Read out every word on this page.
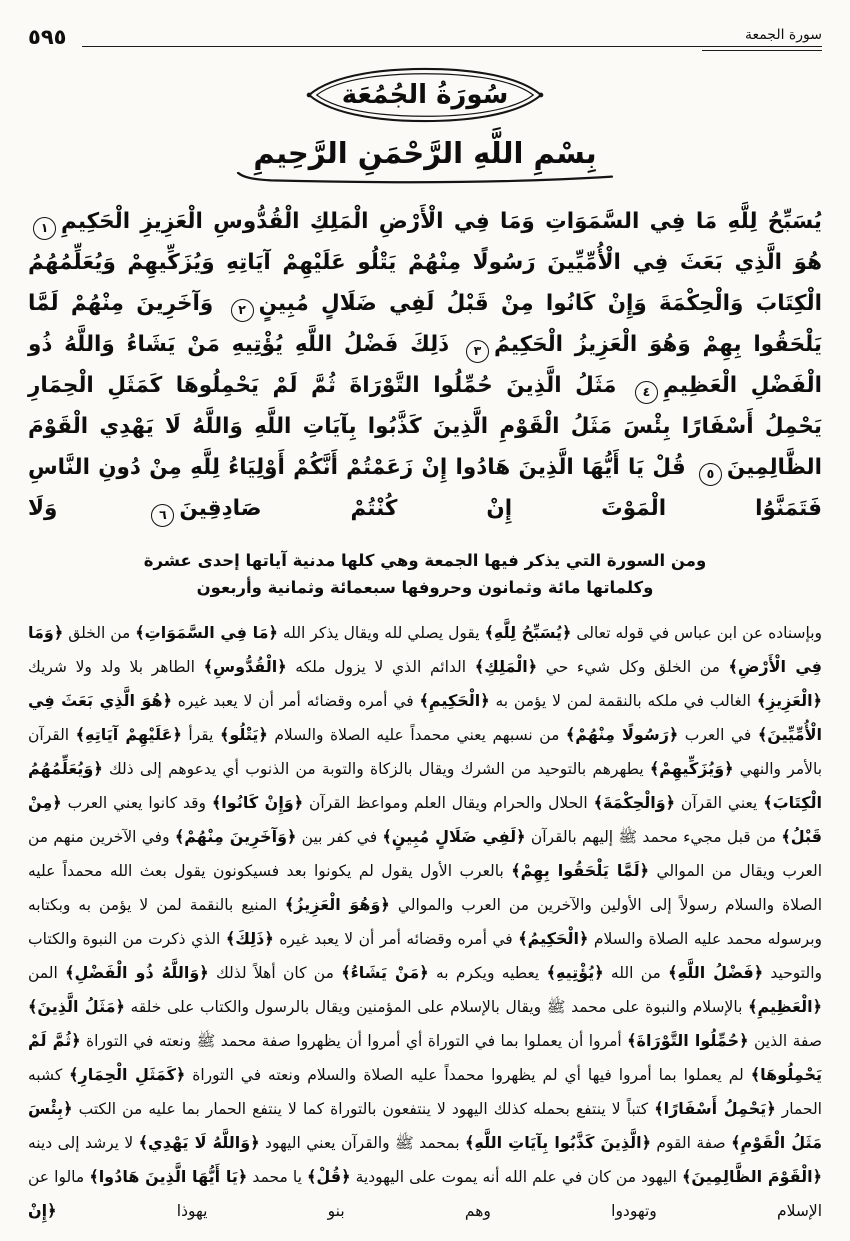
٥٩٥	سورة الجمعة
سُورَةُ الجُمُعَة
بِسْمِ اللَّهِ الرَّحْمَنِ الرَّحِيمِ
يُسَبِّحُ لِلَّهِ مَا فِي السَّمَوَاتِ وَمَا فِي الْأَرْضِ الْمَلِكِ الْقُدُّوسِ الْعَزِيزِ الْحَكِيمِ١ هُوَ الَّذِي بَعَثَ فِي الْأُمِّيِّينَ رَسُولًا مِنْهُمْ يَتْلُو عَلَيْهِمْ آيَاتِهِ وَيُزَكِّيهِمْ وَيُعَلِّمُهُمُ الْكِتَابَ وَالْحِكْمَةَ وَإِنْ كَانُوا مِنْ قَبْلُ لَفِي ضَلَالٍ مُبِينٍ٢ وَآخَرِينَ مِنْهُمْ لَمَّا يَلْحَقُوا بِهِمْ وَهُوَ الْعَزِيزُ الْحَكِيمُ٣ ذَلِكَ فَضْلُ اللَّهِ يُؤْتِيهِ مَنْ يَشَاءُ وَاللَّهُ ذُو الْفَضْلِ الْعَظِيمِ٤ مَثَلُ الَّذِينَ حُمِّلُوا التَّوْرَاةَ ثُمَّ لَمْ يَحْمِلُوهَا كَمَثَلِ الْحِمَارِ يَحْمِلُ أَسْفَارًا بِئْسَ مَثَلُ الْقَوْمِ الَّذِينَ كَذَّبُوا بِآيَاتِ اللَّهِ وَاللَّهُ لَا يَهْدِي الْقَوْمَ الظَّالِمِينَ٥ قُلْ يَا أَيُّهَا الَّذِينَ هَادُوا إِنْ زَعَمْتُمْ أَنَّكُمْ أَوْلِيَاءُ لِلَّهِ مِنْ دُونِ النَّاسِ فَتَمَنَّوُا الْمَوْتَ إِنْ كُنْتُمْ صَادِقِينَ٦ وَلَا

ومن السورة التي يذكر فيها الجمعة وهي كلها مدنية آياتها إحدى عشرة وكلماتها مائة وثمانون وحروفها سبعمائة وثمانية وأربعون

وبإسناده عن ابن عباس في قوله تعالى ﴿يُسَبِّحُ لِلَّهِ﴾ يقول يصلي لله ويقال يذكر الله ﴿مَا فِي السَّمَوَاتِ﴾ من الخلق ﴿وَمَا فِي الْأَرْضِ﴾ من الخلق وكل شيء حي ﴿الْمَلِكِ﴾ الدائم الذي لا يزول ملكه ﴿الْقُدُّوسِ﴾ الطاهر بلا ولد ولا شريك ﴿الْعَزِيزِ﴾ الغالب في ملكه بالنقمة لمن لا يؤمن به ﴿الْحَكِيمِ﴾ في أمره وقضائه أمر أن لا يعبد غيره ﴿هُوَ الَّذِي بَعَثَ فِي الْأُمِّيِّينَ﴾ في العرب ﴿رَسُولًا مِنْهُمْ﴾ من نسبهم يعني محمداً عليه الصلاة والسلام ﴿يَتْلُو﴾ يقرأ ﴿عَلَيْهِمْ آيَاتِهِ﴾ القرآن بالأمر والنهي ﴿وَيُزَكِّيهِمْ﴾ يطهرهم بالتوحيد من الشرك ويقال بالزكاة والتوبة من الذنوب أي يدعوهم إلى ذلك ﴿وَيُعَلِّمُهُمُ الْكِتَابَ﴾ يعني القرآن ﴿وَالْحِكْمَةَ﴾ الحلال والحرام ويقال العلم ومواعظ القرآن ﴿وَإِنْ كَانُوا﴾ وقد كانوا يعني العرب ﴿مِنْ قَبْلُ﴾ من قبل مجيء محمد ﷺ إليهم بالقرآن ﴿لَفِي ضَلَالٍ مُبِينٍ﴾ في كفر بين ﴿وَآخَرِينَ مِنْهُمْ﴾ وفي الآخرين منهم من العرب ويقال من الموالي ﴿لَمَّا يَلْحَقُوا بِهِمْ﴾ بالعرب الأول يقول لم يكونوا بعد فسيكونون يقول بعث الله محمداً عليه الصلاة والسلام رسولاً إلى الأولين والآخرين من العرب والموالي ﴿وَهُوَ الْعَزِيزُ﴾ المنيع بالنقمة لمن لا يؤمن به وبكتابه وبرسوله محمد عليه الصلاة والسلام ﴿الْحَكِيمُ﴾ في أمره وقضائه أمر أن لا يعبد غيره ﴿ذَلِكَ﴾ الذي ذكرت من النبوة والكتاب والتوحيد ﴿فَضْلُ اللَّهِ﴾ من الله ﴿يُؤْتِيهِ﴾ يعطيه ويكرم به ﴿مَنْ يَشَاءُ﴾ من كان أهلاً لذلك ﴿وَاللَّهُ ذُو الْفَضْلِ﴾ المن ﴿الْعَظِيمِ﴾ بالإسلام والنبوة على محمد ﷺ ويقال بالإسلام على المؤمنين ويقال بالرسول والكتاب على خلقه ﴿مَثَلُ الَّذِينَ﴾ صفة الذين ﴿حُمِّلُوا التَّوْرَاةَ﴾ أمروا أن يعملوا بما في التوراة أي أمروا أن يظهروا صفة محمد ﷺ ونعته في التوراة ﴿ثُمَّ لَمْ يَحْمِلُوهَا﴾ لم يعملوا بما أمروا فيها أي لم يظهروا محمداً عليه الصلاة والسلام ونعته في التوراة ﴿كَمَثَلِ الْحِمَارِ﴾ كشبه الحمار ﴿يَحْمِلُ أَسْفَارًا﴾ كتباً لا ينتفع بحمله كذلك اليهود لا ينتفعون بالتوراة كما لا ينتفع الحمار بما عليه من الكتب ﴿بِئْسَ مَثَلُ الْقَوْمِ﴾ صفة القوم ﴿الَّذِينَ كَذَّبُوا بِآيَاتِ اللَّهِ﴾ بمحمد ﷺ والقرآن يعني اليهود ﴿وَاللَّهُ لَا يَهْدِي﴾ لا يرشد إلى دينه ﴿الْقَوْمَ الظَّالِمِينَ﴾ اليهود من كان في علم الله أنه يموت على اليهودية ﴿قُلْ﴾ يا محمد ﴿يَا أَيُّهَا الَّذِينَ هَادُوا﴾ مالوا عن الإسلام وتهودوا وهم بنو يهوذا ﴿إِنْ
